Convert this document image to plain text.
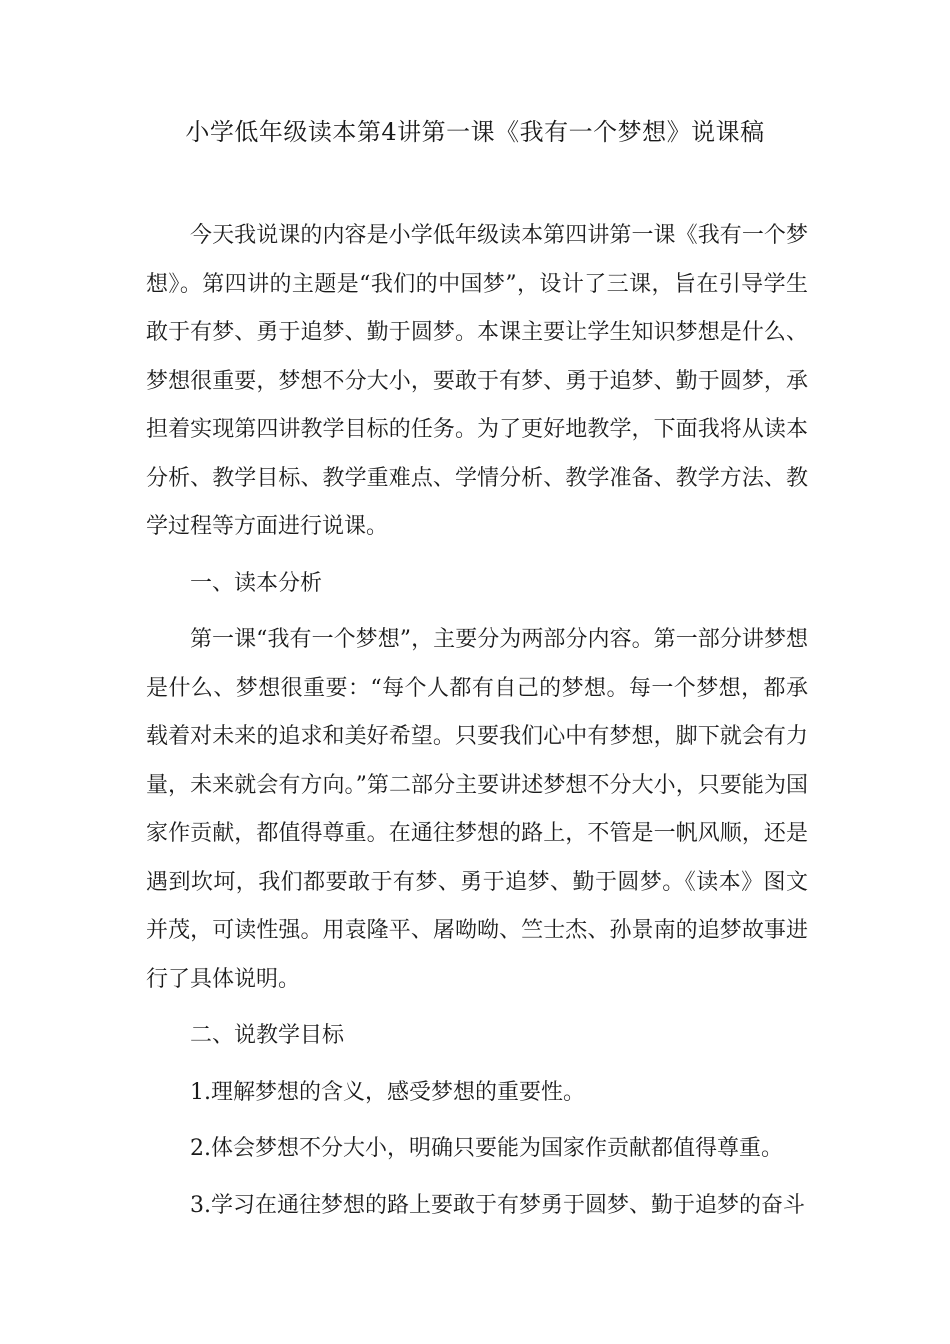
小学低年级读本第4讲第一课《我有一个梦想》说课稿

今天我说课的内容是小学低年级读本第四讲第一课《我有一个梦想》。第四讲的主题是“我们的中国梦”，设计了三课，旨在引导学生敢于有梦、勇于追梦、勤于圆梦。本课主要让学生知识梦想是什么、梦想很重要，梦想不分大小，要敢于有梦、勇于追梦、勤于圆梦，承担着实现第四讲教学目标的任务。为了更好地教学，下面我将从读本分析、教学目标、教学重难点、学情分析、教学准备、教学方法、教学过程等方面进行说课。

一、读本分析

第一课“我有一个梦想”，主要分为两部分内容。第一部分讲梦想是什么、梦想很重要：“每个人都有自己的梦想。每一个梦想，都承载着对未来的追求和美好希望。只要我们心中有梦想，脚下就会有力量，未来就会有方向。”第二部分主要讲述梦想不分大小，只要能为国家作贡献，都值得尊重。在通往梦想的路上，不管是一帆风顺，还是遇到坎坷，我们都要敢于有梦、勇于追梦、勤于圆梦。《读本》图文并茂，可读性强。用袁隆平、屠呦呦、竺士杰、孙景南的追梦故事进行了具体说明。

二、说教学目标

1.理解梦想的含义，感受梦想的重要性。

2.体会梦想不分大小，明确只要能为国家作贡献都值得尊重。

3.学习在通往梦想的路上要敢于有梦勇于圆梦、勤于追梦的奋斗
